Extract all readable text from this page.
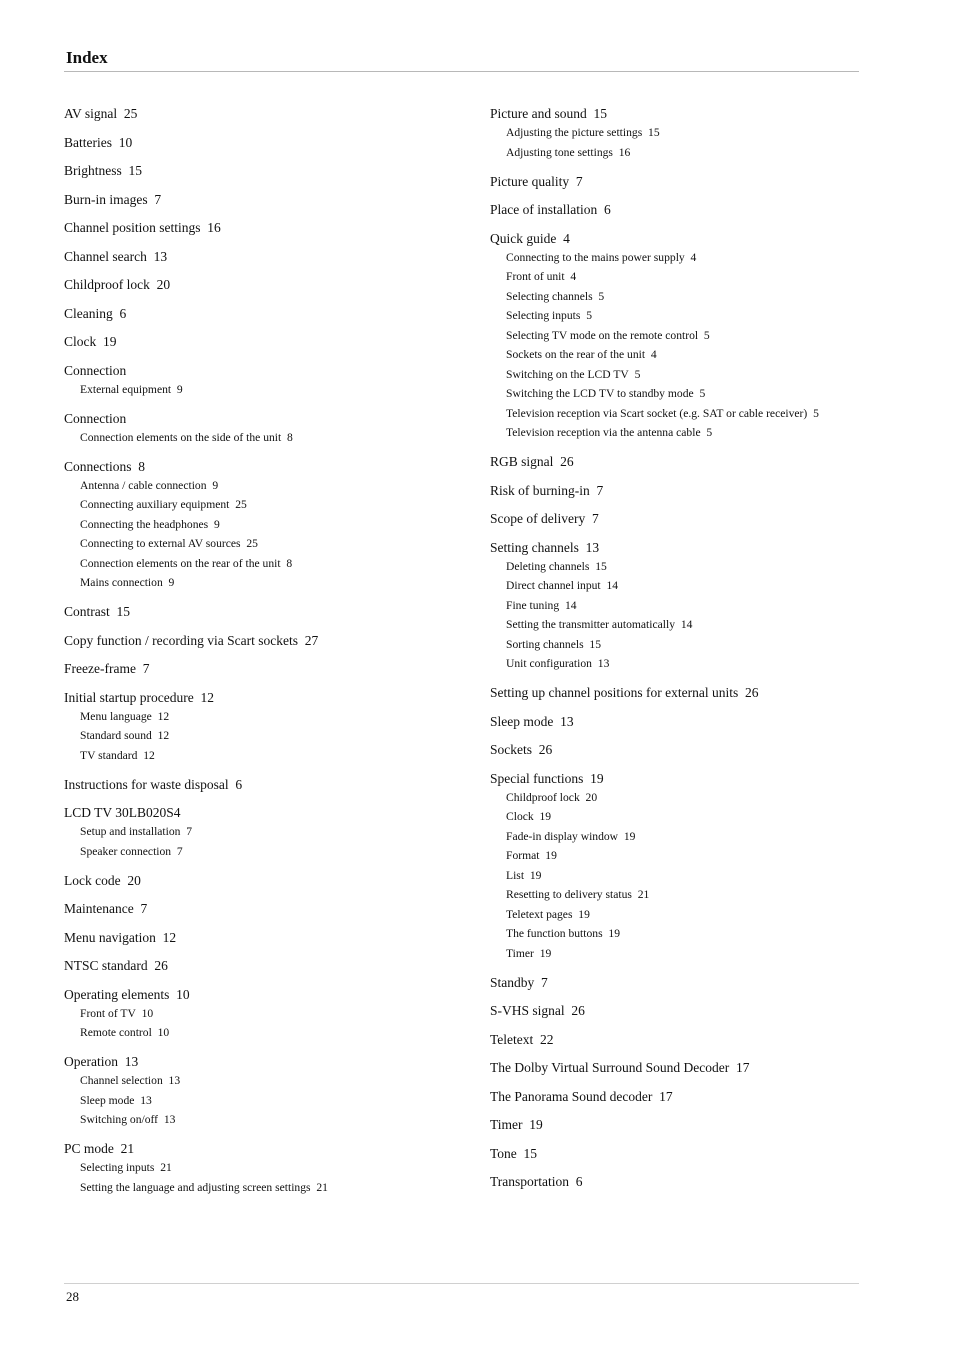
Index
AV signal 25
Batteries 10
Brightness 15
Burn-in images 7
Channel position settings 16
Channel search 13
Childproof lock 20
Cleaning 6
Clock 19
Connection
External equipment 9
Connection
Connection elements on the side of the unit 8
Connections 8
Antenna / cable connection 9
Connecting auxiliary equipment 25
Connecting the headphones 9
Connecting to external AV sources 25
Connection elements on the rear of the unit 8
Mains connection 9
Contrast 15
Copy function / recording via Scart sockets 27
Freeze-frame 7
Initial startup procedure 12
Menu language 12
Standard sound 12
TV standard 12
Instructions for waste disposal 6
LCD TV 30LB020S4
Setup and installation 7
Speaker connection 7
Lock code 20
Maintenance 7
Menu navigation 12
NTSC standard 26
Operating elements 10
Front of TV 10
Remote control 10
Operation 13
Channel selection 13
Sleep mode 13
Switching on/off 13
PC mode 21
Selecting inputs 21
Setting the language and adjusting screen settings 21
Picture and sound 15
Adjusting the picture settings 15
Adjusting tone settings 16
Picture quality 7
Place of installation 6
Quick guide 4
Connecting to the mains power supply 4
Front of unit 4
Selecting channels 5
Selecting inputs 5
Selecting TV mode on the remote control 5
Sockets on the rear of the unit 4
Switching on the LCD TV 5
Switching the LCD TV to standby mode 5
Television reception via Scart socket (e.g. SAT or cable receiver) 5
Television reception via the antenna cable 5
RGB signal 26
Risk of burning-in 7
Scope of delivery 7
Setting channels 13
Deleting channels 15
Direct channel input 14
Fine tuning 14
Setting the transmitter automatically 14
Sorting channels 15
Unit configuration 13
Setting up channel positions for external units 26
Sleep mode 13
Sockets 26
Special functions 19
Childproof lock 20
Clock 19
Fade-in display window 19
Format 19
List 19
Resetting to delivery status 21
Teletext pages 19
The function buttons 19
Timer 19
Standby 7
S-VHS signal 26
Teletext 22
The Dolby Virtual Surround Sound Decoder 17
The Panorama Sound decoder 17
Timer 19
Tone 15
Transportation 6
28
